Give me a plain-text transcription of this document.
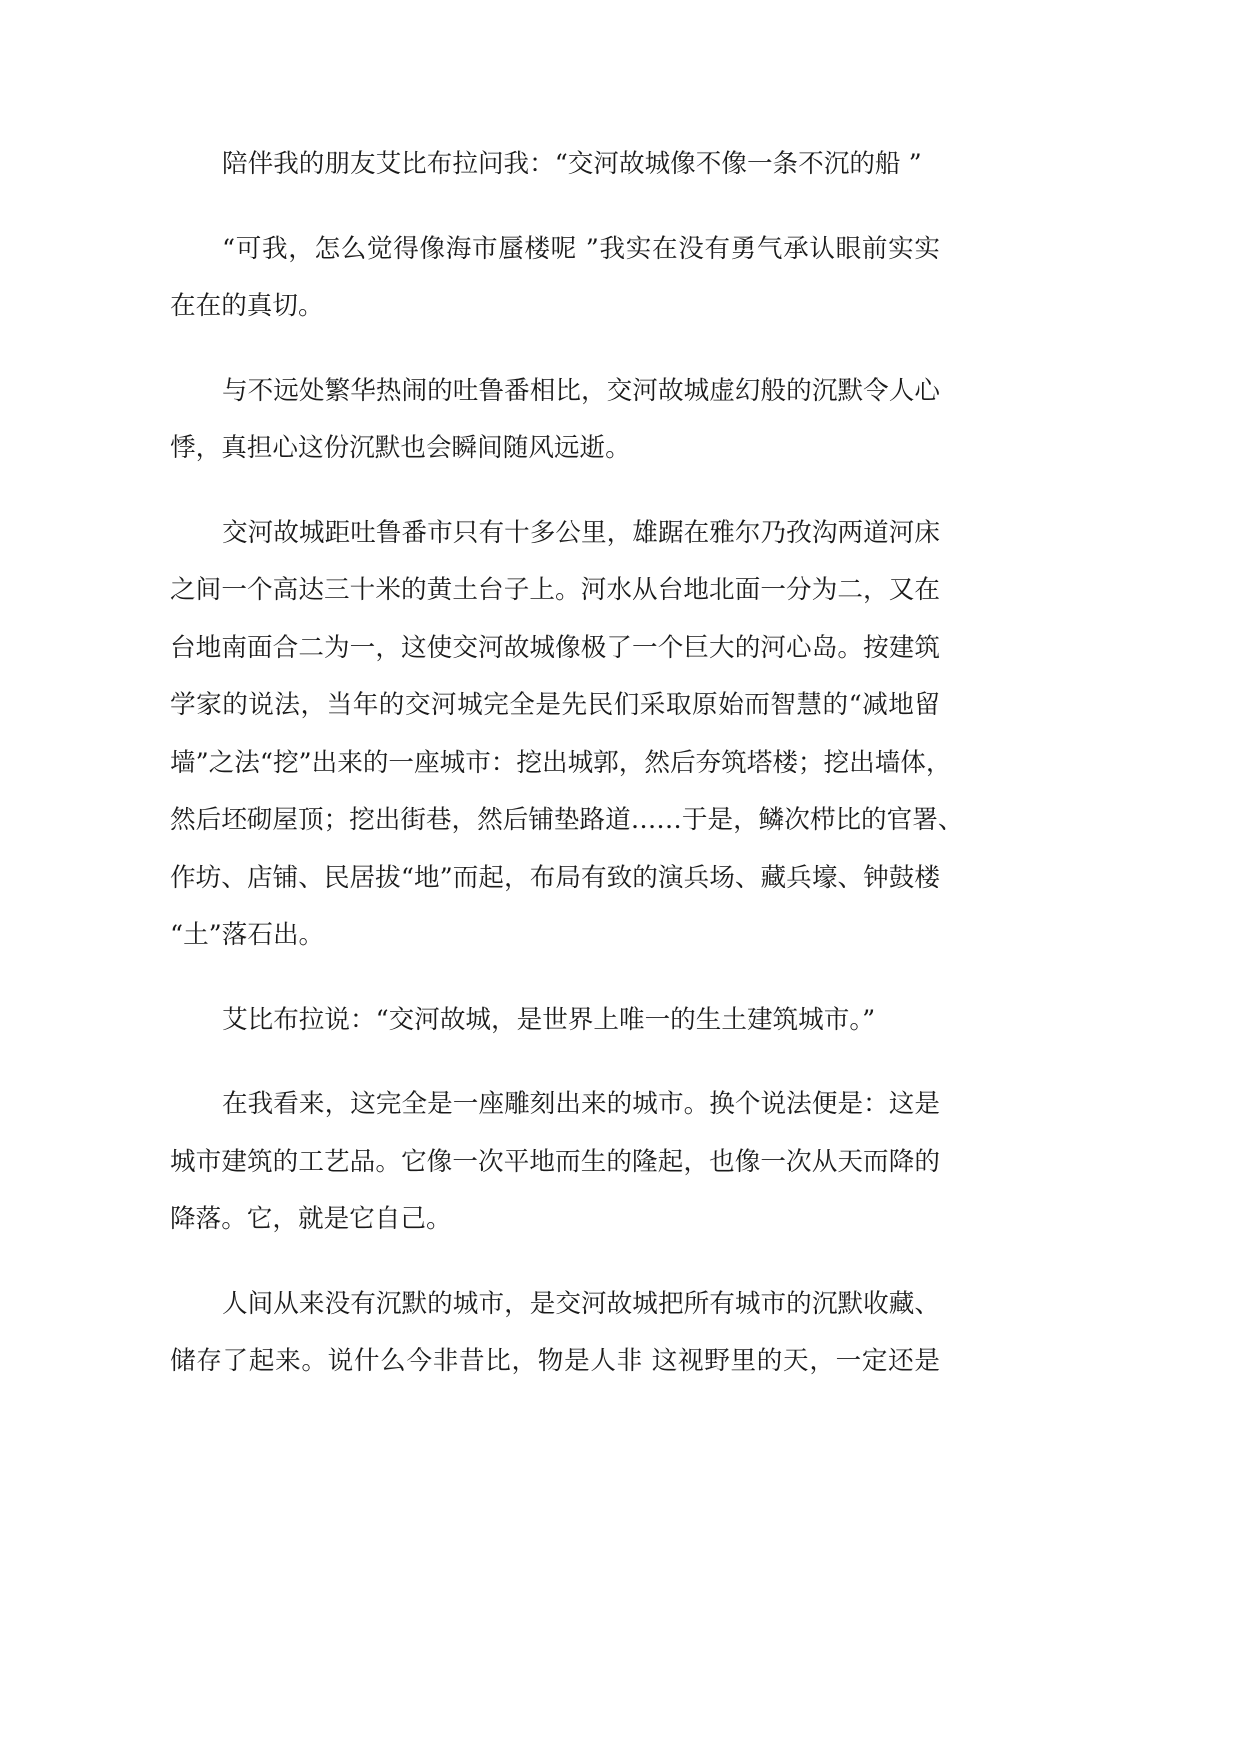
陪伴我的朋友艾比布拉问我：“交河故城像不像一条不沉的船 ”
“可我，怎么觉得像海市蜃楼呢 ”我实在没有勇气承认眼前实实
在在的真切。
与不远处繁华热闹的吐鲁番相比，交河故城虚幻般的沉默令人心
悸，真担心这份沉默也会瞬间随风远逝。
交河故城距吐鲁番市只有十多公里，雄踞在雅尔乃孜沟两道河床
之间一个高达三十米的黄土台子上。河水从台地北面一分为二，又在
台地南面合二为一，这使交河故城像极了一个巨大的河心岛。按建筑
学家的说法，当年的交河城完全是先民们采取原始而智慧的“减地留
墙”之法“挖”出来的一座城市：挖出城郭，然后夯筑塔楼；挖出墙体，
然后坯砌屋顶；挖出街巷，然后铺垫路道……于是，鳞次栉比的官署、
作坊、店铺、民居拔“地”而起，布局有致的演兵场、藏兵壕、钟鼓楼
“土”落石出。
艾比布拉说：“交河故城，是世界上唯一的生土建筑城市。”
在我看来，这完全是一座雕刻出来的城市。换个说法便是：这是
城市建筑的工艺品。它像一次平地而生的隆起，也像一次从天而降的
降落。它，就是它自己。
人间从来没有沉默的城市，是交河故城把所有城市的沉默收藏、
储存了起来。说什么今非昔比，物是人非 这视野里的天，一定还是
